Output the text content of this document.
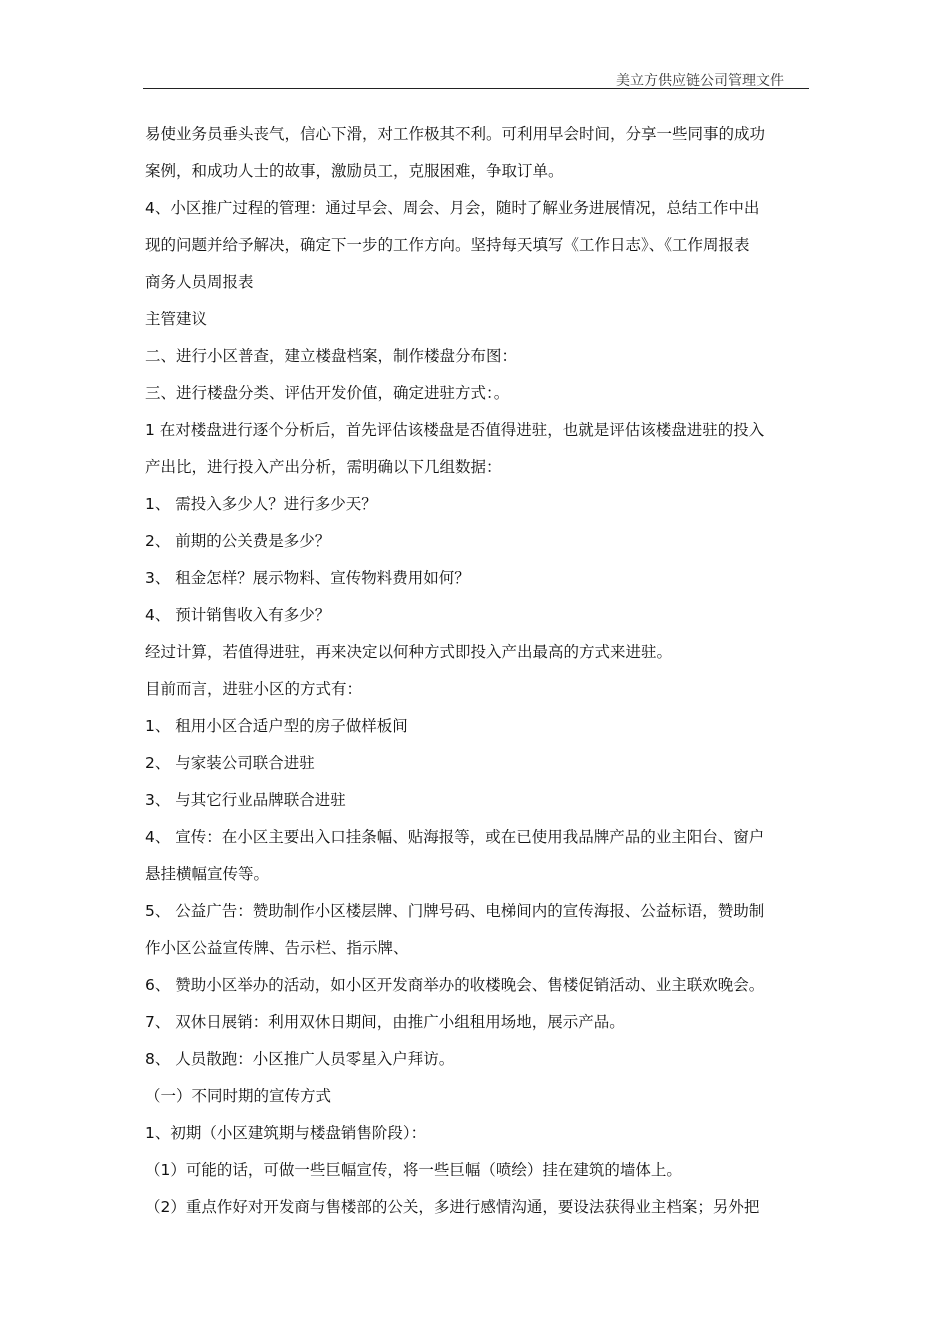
美立方供应链公司管理文件
易使业务员垂头丧气，信心下滑，对工作极其不利。可利用早会时间，分享一些同事的成功
案例，和成功人士的故事，激励员工，克服困难，争取订单。
4、小区推广过程的管理：通过早会、周会、月会，随时了解业务进展情况，总结工作中出
现的问题并给予解决，确定下一步的工作方向。坚持每天填写《工作日志》、《工作周报表
商务人员周报表
主管建议
二、进行小区普查，建立楼盘档案，制作楼盘分布图：
三、进行楼盘分类、评估开发价值，确定进驻方式：。
1 在对楼盘进行逐个分析后，首先评估该楼盘是否值得进驻，也就是评估该楼盘进驻的投入
产出比，进行投入产出分析，需明确以下几组数据：
1、 需投入多少人？进行多少天？
2、 前期的公关费是多少？
3、 租金怎样？展示物料、宣传物料费用如何？
4、 预计销售收入有多少？
经过计算，若值得进驻，再来决定以何种方式即投入产出最高的方式来进驻。
目前而言，进驻小区的方式有：
1、 租用小区合适户型的房子做样板间
2、 与家装公司联合进驻
3、 与其它行业品牌联合进驻
4、 宣传：在小区主要出入口挂条幅、贴海报等，或在已使用我品牌产品的业主阳台、窗户
悬挂横幅宣传等。
5、 公益广告：赞助制作小区楼层牌、门牌号码、电梯间内的宣传海报、公益标语，赞助制
作小区公益宣传牌、告示栏、指示牌、
6、 赞助小区举办的活动，如小区开发商举办的收楼晚会、售楼促销活动、业主联欢晚会。
7、 双休日展销：利用双休日期间，由推广小组租用场地，展示产品。
8、 人员散跑：小区推广人员零星入户拜访。
（一）不同时期的宣传方式
1、初期（小区建筑期与楼盘销售阶段）：
（1）可能的话，可做一些巨幅宣传，将一些巨幅（喷绘）挂在建筑的墙体上。
（2）重点作好对开发商与售楼部的公关，多进行感情沟通，要设法获得业主档案；另外把
